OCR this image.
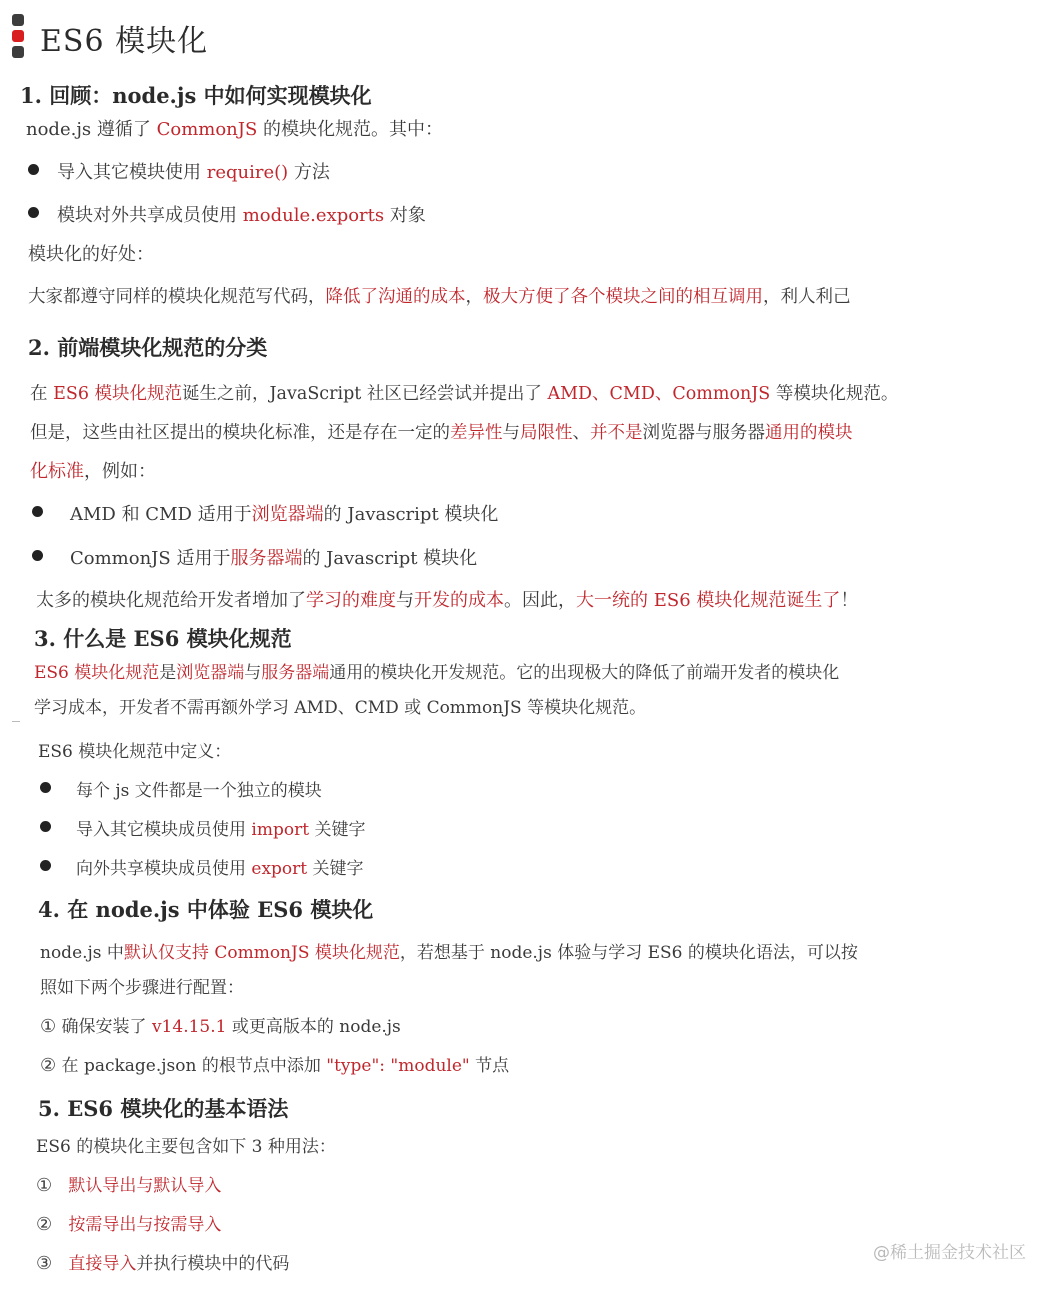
ES6 模块化
1. 回顾：node.js 中如何实现模块化
node.js 遵循了 CommonJS 的模块化规范。其中：
导入其它模块使用 require() 方法
模块对外共享成员使用 module.exports 对象
模块化的好处：
大家都遵守同样的模块化规范写代码，降低了沟通的成本，极大方便了各个模块之间的相互调用，利人利己
2. 前端模块化规范的分类
在 ES6 模块化规范诞生之前，JavaScript 社区已经尝试并提出了 AMD、CMD、CommonJS 等模块化规范。
但是，这些由社区提出的模块化标准，还是存在一定的差异性与局限性、并不是浏览器与服务器通用的模块
化标准，例如：
AMD 和 CMD 适用于浏览器端的 Javascript 模块化
CommonJS 适用于服务器端的 Javascript 模块化
太多的模块化规范给开发者增加了学习的难度与开发的成本。因此，大一统的 ES6 模块化规范诞生了！
3. 什么是 ES6 模块化规范
ES6 模块化规范是浏览器端与服务器端通用的模块化开发规范。它的出现极大的降低了前端开发者的模块化
学习成本，开发者不需再额外学习 AMD、CMD 或 CommonJS 等模块化规范。
ES6 模块化规范中定义：
每个 js 文件都是一个独立的模块
导入其它模块成员使用 import 关键字
向外共享模块成员使用 export 关键字
4. 在 node.js 中体验 ES6 模块化
node.js 中默认仅支持 CommonJS 模块化规范，若想基于 node.js 体验与学习 ES6 的模块化语法，可以按
照如下两个步骤进行配置：
① 确保安装了 v14.15.1 或更高版本的 node.js
② 在 package.json 的根节点中添加 "type": "module" 节点
5. ES6 模块化的基本语法
ES6 的模块化主要包含如下 3 种用法：
① 默认导出与默认导入
② 按需导出与按需导入
③ 直接导入并执行模块中的代码
@稀土掘金技术社区
